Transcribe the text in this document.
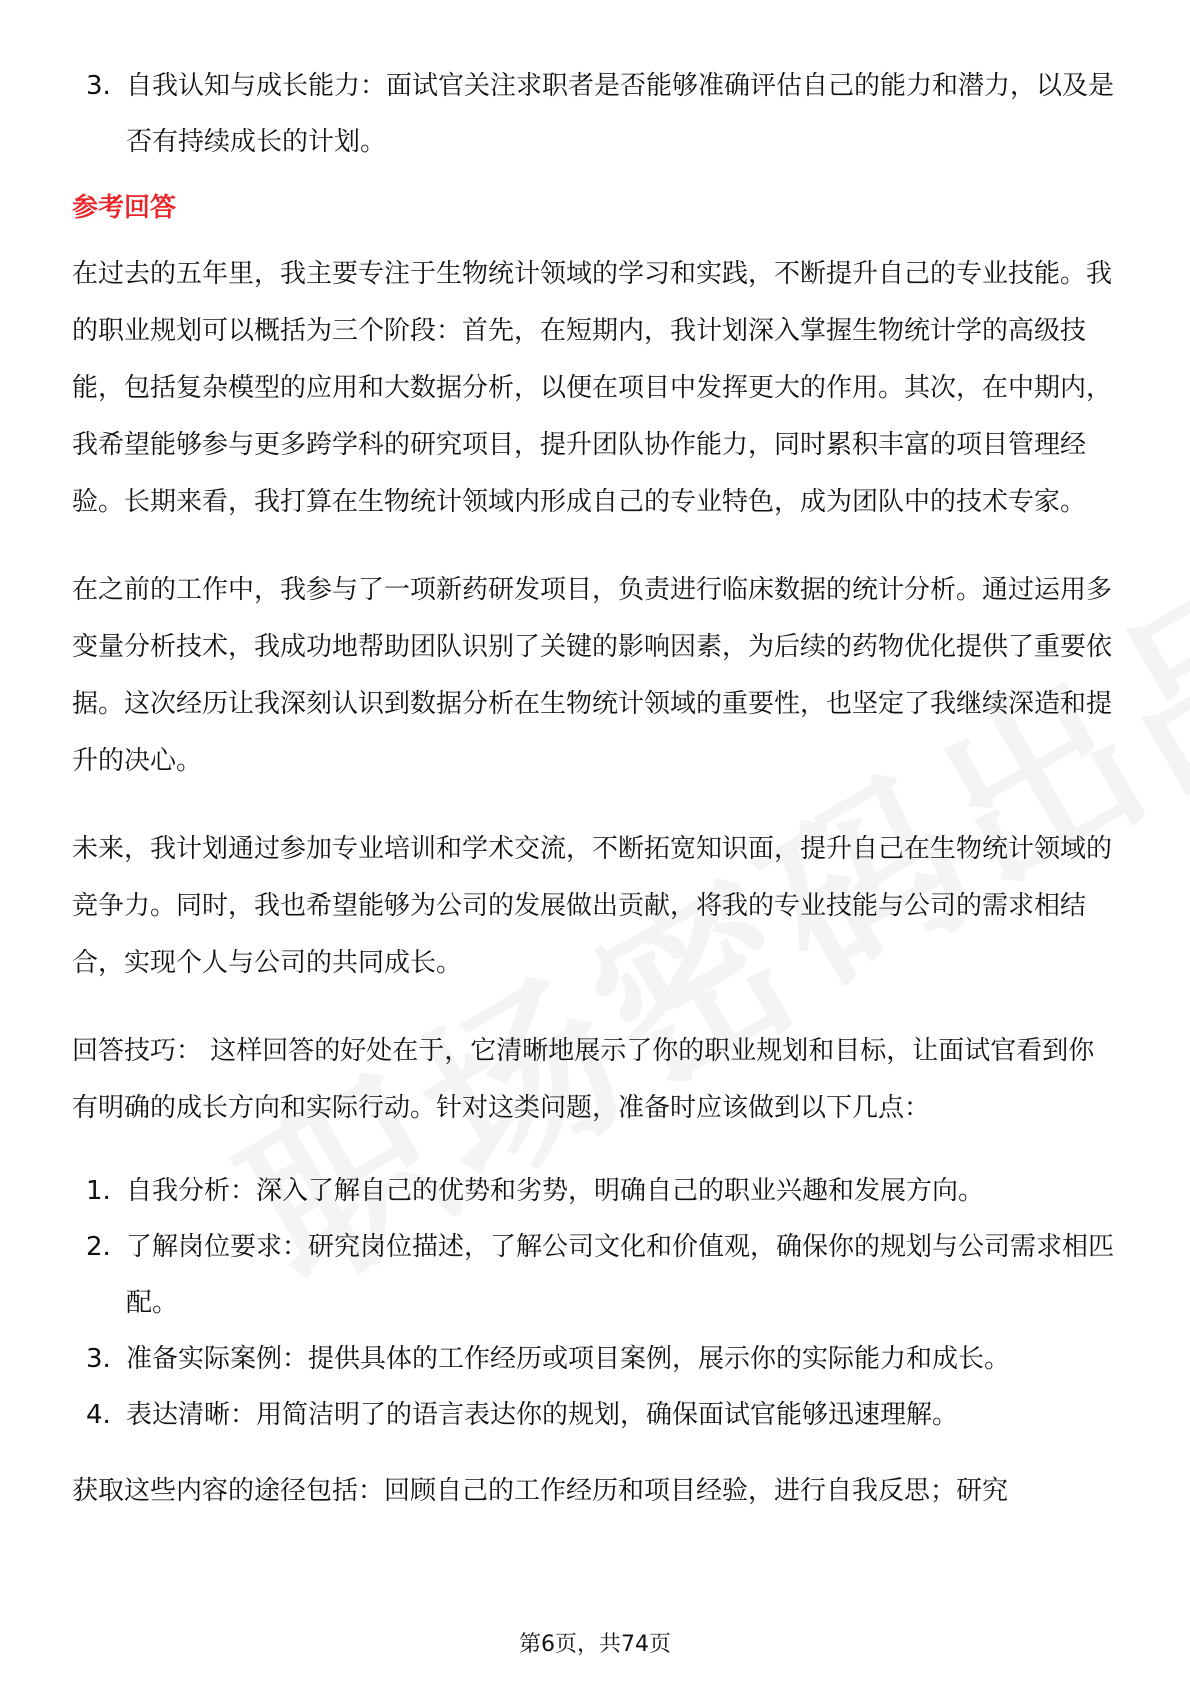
3. 自我认知与成长能力：面试官关注求职者是否能够准确评估自己的能力和潜力，以及是否有持续成长的计划。
参考回答

在过去的五年里，我主要专注于生物统计领域的学习和实践，不断提升自己的专业技能。我的职业规划可以概括为三个阶段：首先，在短期内，我计划深入掌握生物统计学的高级技能，包括复杂模型的应用和大数据分析，以便在项目中发挥更大的作用。其次，在中期内，我希望能够参与更多跨学科的研究项目，提升团队协作能力，同时累积丰富的项目管理经验。长期来看，我打算在生物统计领域内形成自己的专业特色，成为团队中的技术专家。

在之前的工作中，我参与了一项新药研发项目，负责进行临床数据的统计分析。通过运用多变量分析技术，我成功地帮助团队识别了关键的影响因素，为后续的药物优化提供了重要依据。这次经历让我深刻认识到数据分析在生物统计领域的重要性，也坚定了我继续深造和提升的决心。

未来，我计划通过参加专业培训和学术交流，不断拓宽知识面，提升自己在生物统计领域的竞争力。同时，我也希望能够为公司的发展做出贡献，将我的专业技能与公司的需求相结合，实现个人与公司的共同成长。

回答技巧： 这样回答的好处在于，它清晰地展示了你的职业规划和目标，让面试官看到你有明确的成长方向和实际行动。针对这类问题，准备时应该做到以下几点：

1. 自我分析：深入了解自己的优势和劣势，明确自己的职业兴趣和发展方向。
2. 了解岗位要求：研究岗位描述，了解公司文化和价值观，确保你的规划与公司需求相匹配。
3. 准备实际案例：提供具体的工作经历或项目案例，展示你的实际能力和成长。
4. 表达清晰：用简洁明了的语言表达你的规划，确保面试官能够迅速理解。

获取这些内容的途径包括：回顾自己的工作经历和项目经验，进行自我反思；研究

第6页，共74页
